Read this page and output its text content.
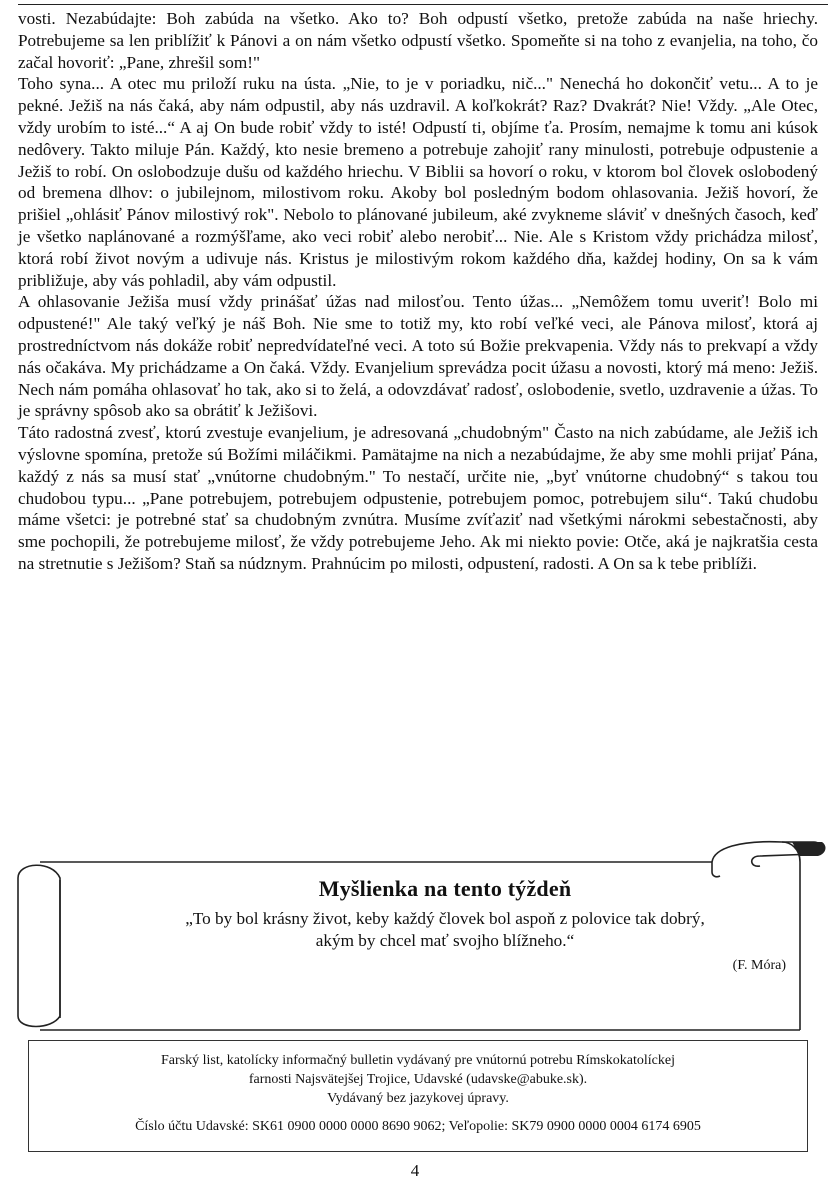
vosti. Nezabúdajte: Boh zabúda na všetko. Ako to? Boh odpustí všetko, pretože zabúda na naše hriechy. Potrebujeme sa len priblížiť k Pánovi a on nám všetko odpustí všetko. Spomeňte si na toho z evanjelia, na toho, čo začal hovoriť: „Pane, zhrešil som!"

Toho syna... A otec mu priloží ruku na ústa. „Nie, to je v poriadku, nič..." Nenechá ho dokončiť vetu... A to je pekné. Ježiš na nás čaká, aby nám odpustil, aby nás uzdravil. A koľkokrát? Raz? Dvakrát? Nie! Vždy. „Ale Otec, vždy urobím to isté...“ A aj On bude robiť vždy to isté! Odpustí ti, objíme ťa. Prosím, nemajme k tomu ani kúsok nedôvery. Takto miluje Pán. Každý, kto nesie bremeno a potrebuje zahojiť rany minulosti, potrebuje odpustenie a Ježiš to robí. On oslobodzuje dušu od každého hriechu. V Biblii sa hovorí o roku, v ktorom bol človek oslobodený od bremena dlhov: o jubilejnom, milostivom roku. Akoby bol posledným bodom ohlasovania. Ježiš hovorí, že prišiel „ohlásiť Pánov milostivý rok". Nebolo to plánované jubileum, aké zvykneme sláviť v dnešných časoch, keď je všetko naplánované a rozmýšľame, ako veci robiť alebo nerobiť... Nie. Ale s Kristom vždy prichádza milosť, ktorá robí život novým a udivuje nás. Kristus je milostivým rokom každého dňa, každej hodiny, On sa k vám približuje, aby vás pohladil, aby vám odpustil.

A ohlasovanie Ježiša musí vždy prinášať úžas nad milosťou. Tento úžas... „Nemôžem tomu uveriť! Bolo mi odpustené!" Ale taký veľký je náš Boh. Nie sme to totiž my, kto robí veľké veci, ale Pánova milosť, ktorá aj prostredníctvom nás dokáže robiť nepredvídateľné veci. A toto sú Božie prekvapenia. Vždy nás to prekvapí a vždy nás očakáva. My prichádzame a On čaká. Vždy. Evanjelium sprevádza pocit úžasu a novosti, ktorý má meno: Ježiš. Nech nám pomáha ohlasovať ho tak, ako si to želá, a odovzdávať radosť, oslobodenie, svetlo, uzdravenie a úžas. To je správny spôsob ako sa obrátiť k Ježišovi.

Táto radostná zvesť, ktorú zvestuje evanjelium, je adresovaná „chudobným" Často na nich zabúdame, ale Ježiš ich výslovne spomína, pretože sú Božími miláčikmi. Pamätajme na nich a nezabúdajme, že aby sme mohli prijať Pána, každý z nás sa musí stať „vnútorne chudobným." To nestačí, určite nie, „byť vnútorne chudobný“ s takou tou chudobou typu... „Pane potrebujem, potrebujem odpustenie, potrebujem pomoc, potrebujem silu“. Takú chudobu máme všetci: je potrebné stať sa chudobným zvnútra. Musíme zvíťaziť nad všetkými nárokmi sebestačnosti, aby sme pochopili, že potrebujeme milosť, že vždy potrebujeme Jeho. Ak mi niekto povie: Otče, aká je najkratšia cesta na stretnutie s Ježišom? Staň sa núdznym. Prahnúcim po milosti, odpustení, radosti. A On sa k tebe priblíži.

Myšlienka na tento týždeň

„To by bol krásny život, keby každý človek bol aspoň z polovice tak dobrý,

akým by chcel mať svojho blížneho.“

(F. Móra)

Farský list, katolícky informačný bulletin vydávaný pre vnútornú potrebu Rímskokatolíckej

farnosti Najsvätejšej Trojice, Udavské (udavske@abuke.sk).

Vydávaný bez jazykovej úpravy.

Číslo účtu Udavské: SK61 0900 0000 0000 8690 9062; Veľopolie: SK79 0900 0000 0004 6174 6905

4
